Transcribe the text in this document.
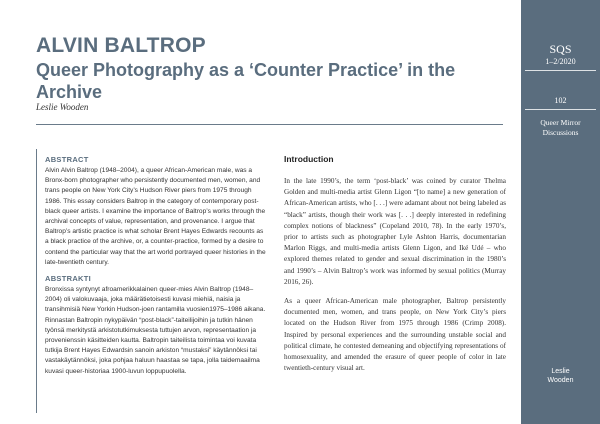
ALVIN BALTROP
Queer Photography as a ‘Counter Practice’ in the Archive
Leslie Wooden
ABSTRACT
Alvin Alvin Baltrop (1948–2004), a queer African-American male, was a Bronx-born photographer who persistently documented men, women, and trans people on New York City’s Hudson River piers from 1975 through 1986. This essay considers Baltrop in the category of contemporary post-black queer artists. I examine the importance of Baltrop’s works through the archival concepts of value, representation, and provenance. I argue that Baltrop’s artistic practice is what scholar Brent Hayes Edwards recounts as a black practice of the archive, or, a counter-practice, formed by a desire to contend the particular way that the art world portrayed queer histories in the late-twentieth century.
ABSTRAKTI
Bronxissa syntynyt afroamerikkalainen queer-mies Alvin Baltrop (1948–2004) oli valokuvaaja, joka määrätietoisesti kuvasi miehiä, naisia ja transihmisiä New Yorkin Hudson-joen rantamilla vuosien1975–1986 aikana. Rinnastan Baltropin nykypäivän “post-black”-taiteilijoihin ja tutkin hänen työnsä merkitystä arkistotutkimuksesta tuttujen arvon, representaation ja provenienssin käsitteiden kautta. Baltropin taiteilista toimintaa voi kuvata tutkija Brent Hayes Edwardsin sanoin arkiston “mustaksi” käytännöksi tai vastakäytännöksi, joka pohjaa haluun haastaa se tapa, jolla taidemaailma kuvasi queer-historiaa 1900-luvun loppupuolella.
Introduction
In the late 1990’s, the term ‘post-black’ was coined by curator Thelma Golden and multi-media artist Glenn Ligon “[to name] a new generation of African-American artists, who [. . .] were adamant about not being labeled as “black” artists, though their work was [. . .] deeply interested in redefining complex notions of blackness” (Copeland 2010, 78). In the early 1970’s, prior to artists such as photographer Lyle Ashton Harris, documentarian Marlon Riggs, and multi-media artists Glenn Ligon, and Iké Udé – who explored themes related to gender and sexual discrimination in the 1980’s and 1990’s – Alvin Baltrop’s work was informed by sexual politics (Murray 2016, 26).
As a queer African-American male photographer, Baltrop persistently documented men, women, and trans people, on New York City’s piers located on the Hudson River from 1975 through 1986 (Crimp 2008). Inspired by personal experiences and the surrounding unstable social and political climate, he contested demeaning and objectifying representations of homosexuality, and amended the erasure of queer people of color in late twentieth-century visual art.
SQS
1–2/2020
102
Queer Mirror Discussions
Leslie
Wooden
